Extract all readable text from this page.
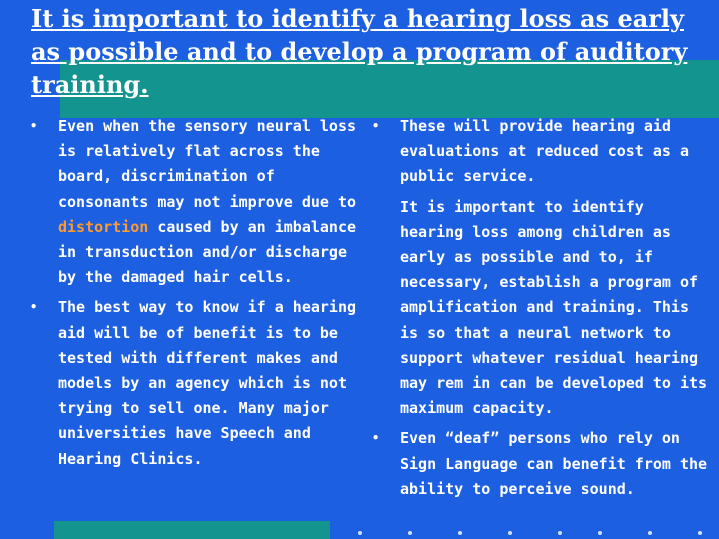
It is important to identify a hearing loss as early as possible and to develop a program of auditory training.
• Even when the sensory neural loss is relatively flat across the board, discrimination of consonants may not improve due to distortion caused by an imbalance in transduction and/or discharge by the damaged hair cells.
• The best way to know if a hearing aid will be of benefit is to be tested with different makes and models by an agency which is not trying to sell one. Many major universities have Speech and Hearing Clinics.
• These will provide hearing aid evaluations at reduced cost as a public service.
It is important to identify hearing loss among children as early as possible and to, if necessary, establish a program of amplification and training. This is so that a neural network to support whatever residual hearing may rem in can be developed to its maximum capacity.
• Even “deaf” persons who rely on Sign Language can benefit from the ability to perceive sound.
